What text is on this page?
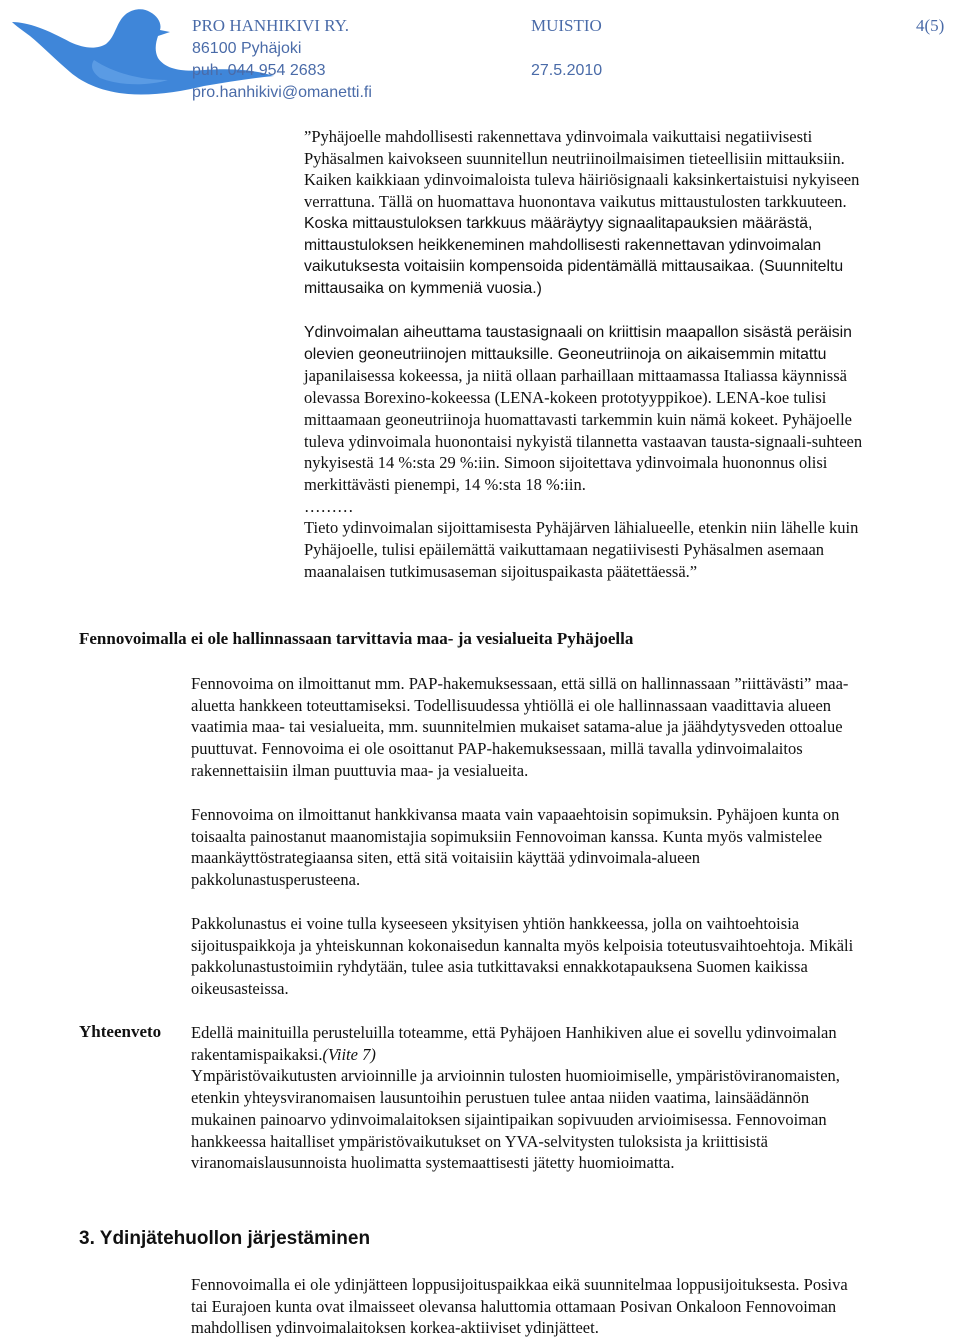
PRO HANHIKIVI RY.	MUISTIO	4(5)
86100 Pyhäjoki
puh. 044 954 2683	27.5.2010
pro.hanhikivi@omanetti.fi
”Pyhäjoelle mahdollisesti rakennettava ydinvoimala vaikuttaisi negatiivisesti
Pyhäsalmen kaivokseen suunnitellun neutriinoilmaisimen tieteellisiin mittauksiin.
Kaiken kaikkiaan ydinvoimaloista tuleva häiriösignaali kaksinkertaistuisi nykyiseen
verrattuna. Tällä on huomattava huonontava vaikutus mittaustulosten tarkkuuteen.
Koska mittaustuloksen tarkkuus määräytyy signaalitapauksien määrästä,
mittaustuloksen heikkeneminen mahdollisesti rakennettavan ydinvoimalan
vaikutuksesta voitaisiin kompensoida pidentämällä mittausaikaa. (Suunniteltu
mittausaika on kymmeniä vuosia.)
Ydinvoimalan aiheuttama taustasignaali on kriittisin maapallon sisästä peräisin
olevien geoneutriinojen mittauksille. Geoneutriinoja on aikaisemmin mitattu
japanilaisessa kokeessa, ja niitä ollaan parhaillaan mittaamassa Italiassa käynnissä
olevassa Borexino-kokeessa (LENA-kokeen prototyyppikoe). LENA-koe tulisi
mittaamaan geoneutriinoja huomattavasti tarkemmin kuin nämä kokeet. Pyhäjoelle
tuleva ydinvoimala huonontaisi nykyistä tilannetta vastaavan tausta-signaali-suhteen
nykyisestä 14 %:sta 29 %:iin. Simoon sijoitettava ydinvoimala huononnus olisi
merkittävästi pienempi, 14 %:sta 18 %:iin.
………
Tieto ydinvoimalan sijoittamisesta Pyhäjärven lähialueelle, etenkin niin lähelle kuin
Pyhäjoelle, tulisi epäilemättä vaikuttamaan negatiivisesti Pyhäsalmen asemaan
maanalaisen tutkimusaseman sijoituspaikasta päätettäessä.”
Fennovoimalla ei ole hallinnassaan tarvittavia maa- ja vesialueita Pyhäjoella
Fennovoima on ilmoittanut mm. PAP-hakemuksessaan, että sillä on hallinnassaan ”riittävästi” maa-
aluetta hankkeen toteuttamiseksi. Todellisuudessa yhtiöllä ei ole hallinnassaan vaadittavia alueen
vaatimia maa- tai vesialueita, mm. suunnitelmien mukaiset satama-alue ja jäähdytysveden ottoalue
puuttuvat. Fennovoima ei ole osoittanut PAP-hakemuksessaan, millä tavalla ydinvoimalaitos
rakennettaisiin ilman puuttuvia maa- ja vesialueita.
Fennovoima on ilmoittanut hankkivansa maata vain vapaaehtoisin sopimuksin. Pyhäjoen kunta on
toisaalta painostanut maanomistajia sopimuksiin Fennovoiman kanssa. Kunta myös valmistelee
maankäyttöstrategiaansa siten, että sitä voitaisiin käyttää ydinvoimala-alueen
pakkolunastusperusteena.
Pakkolunastus ei voine tulla kyseeseen yksityisen yhtiön hankkeessa, jolla on vaihtoehtoisia
sijoituspaikkoja ja yhteiskunnan kokonaisedun kannalta myös kelpoisia toteutusvaihtoehtoja. Mikäli
pakkolunastustoimiin ryhdytään, tulee asia tutkittavaksi ennakkotapauksena Suomen kaikissa
oikeusasteissa.
Yhteenveto Edellä mainituilla perusteluilla toteamme, että Pyhäjoen Hanhikiven alue ei sovellu ydinvoimalan
rakentamispaikaksi.(Viite 7)
Ympäristövaikutusten arvioinnille ja arvioinnin tulosten huomioimiselle, ympäristöviranomaisten,
etenkin yhteysviranomaisen lausuntoihin perustuen tulee antaa niiden vaatima, lainsäädännön
mukainen painoarvo ydinvoimalaitoksen sijaintipaikan sopivuuden arvioimisessa. Fennovoiman
hankkeessa haitalliset ympäristövaikutukset on YVA-selvitysten tuloksista ja kriittisistä
viranomaislausunnoista huolimatta systemaattisesti jätetty huomioimatta.
3. Ydinjätehuollon järjestäminen
Fennovoimalla ei ole ydinjätteen loppusijoituspaikkaa eikä suunnitelmaa loppusijoituksesta. Posiva
tai Eurajoen kunta ovat ilmaisseet olevansa haluttomia ottamaan Posivan Onkaloon Fennovoiman
mahdollisen ydinvoimalaitoksen korkea-aktiiviset ydinjätteet.
